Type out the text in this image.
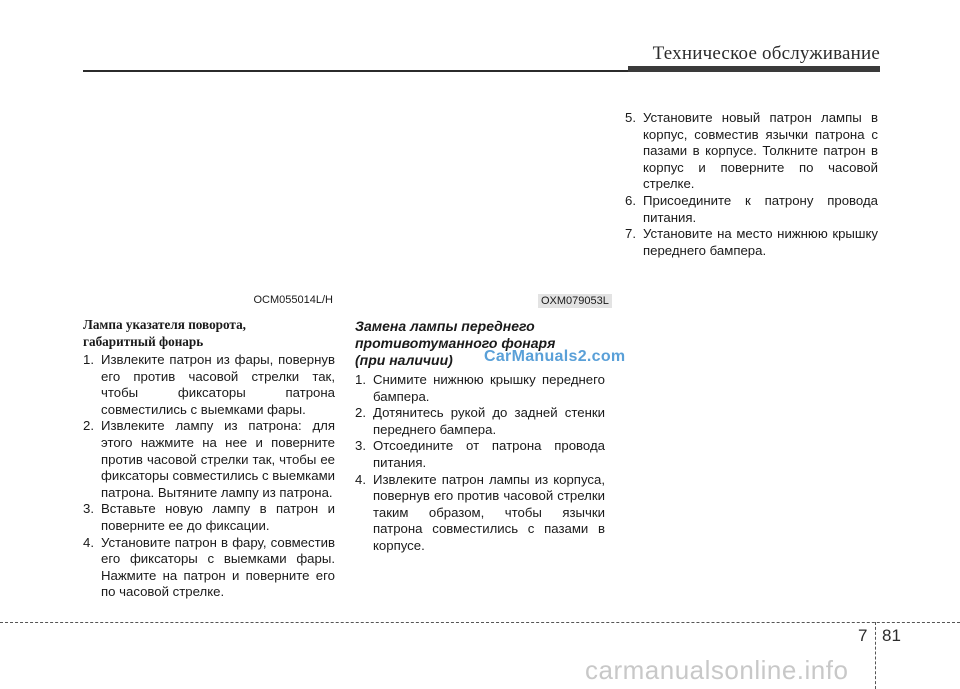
Техническое обслуживание
OCM055014L/H
Лампа указателя поворота,
габаритный фонарь
1. Извлеките патрон из фары, повернув его против часовой стрелки так, чтобы фиксаторы патрона совместились с выемками фары.
2. Извлеките лампу из патрона: для этого нажмите на нее и поверните против часовой стрелки так, чтобы ее фиксаторы совместились с выемками патрона. Вытяните лампу из патрона.
3. Вставьте новую лампу в патрон и поверните ее до фиксации.
4. Установите патрон в фару, совместив его фиксаторы с выемками фары. Нажмите на патрон и поверните его по часовой стрелке.
OXM079053L
Замена лампы переднего
противотуманного фонаря
(при наличии)
1. Снимите нижнюю крышку переднего бампера.
2. Дотянитесь рукой до задней стенки переднего бампера.
3. Отсоедините от патрона провода питания.
4. Извлеките патрон лампы из корпуса, повернув его против часовой стрелки таким образом, чтобы язычки патрона совместились с пазами в корпусе.
CarManuals2.com
5. Установите новый патрон лампы в корпус, совместив язычки патрона с пазами в корпусе. Толкните патрон в корпус и поверните по часовой стрелке.
6. Присоедините к патрону провода питания.
7. Установите на место нижнюю крышку переднего бампера.
7 81
carmanualsonline.info
